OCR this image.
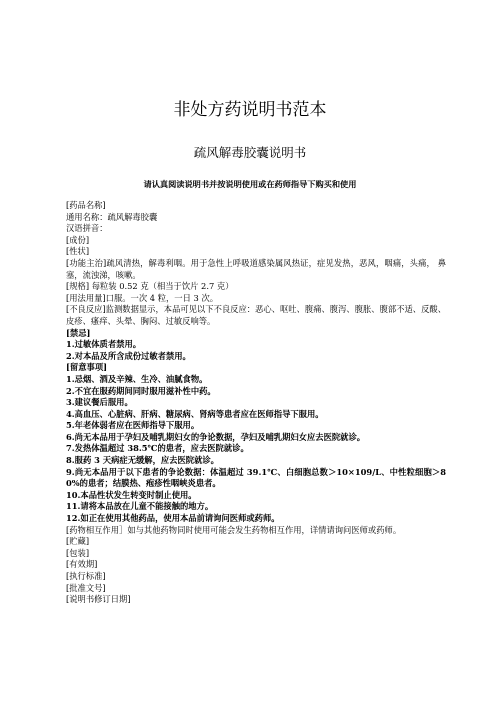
非处方药说明书范本
疏风解毒胶囊说明书
请认真阅读说明书并按说明使用或在药师指导下购买和使用
[药品名称]
通用名称：疏风解毒胶囊
汉语拼音：
[成份]
[性状]
[功能主治]疏风清热，解毒利咽。用于急性上呼吸道感染属风热证，症见发热，恶风，咽痛，头痛， 鼻塞，流浊涕，咳嗽。
[规格] 每粒装 0.52 克（相当于饮片 2.7 克）
[用法用量]口服。一次 4 粒，一日 3 次。
[不良反应]监测数据显示，本品可见以下不良反应：恶心、呕吐、腹痛、腹泻、腹胀、腹部不适、反酸、皮疹、瘙痒、头晕、胸闷、过敏反响等。
[禁忌]
1.过敏体质者禁用。
2.对本品及所含成份过敏者禁用。
[留意事项]
1.忌烟、酒及辛辣、生冷、油腻食物。
2.不宜在服药期间同时服用滋补性中药。
3.建议餐后服用。
4.高血压、心脏病、肝病、糖尿病、肾病等患者应在医师指导下服用。
5.年老体弱者应在医师指导下服用。
6.尚无本品用于孕妇及哺乳期妇女的争论数据，孕妇及哺乳期妇女应去医院就诊。
7.发热体温超过 38.5℃的患者，应去医院就诊。
8.服药 3 天病症无缓解，应去医院就诊。
9.尚无本品用于以下患者的争论数据：体温超过 39.1℃、白细胞总数＞10×109/L、中性粒细胞＞80%的患者；结膜热、疱疹性咽峡炎患者。
10.本品性状发生转变时制止使用。
11.请将本品放在儿童不能接触的地方。
12.如正在使用其他药品，使用本品前请询问医师或药师。
[药物相互作用］如与其他药物同时使用可能会发生药物相互作用，详情请询问医师或药师。
[贮藏]
[包装]
[有效期]
[执行标准]
[批准文号]
[说明书修订日期]
